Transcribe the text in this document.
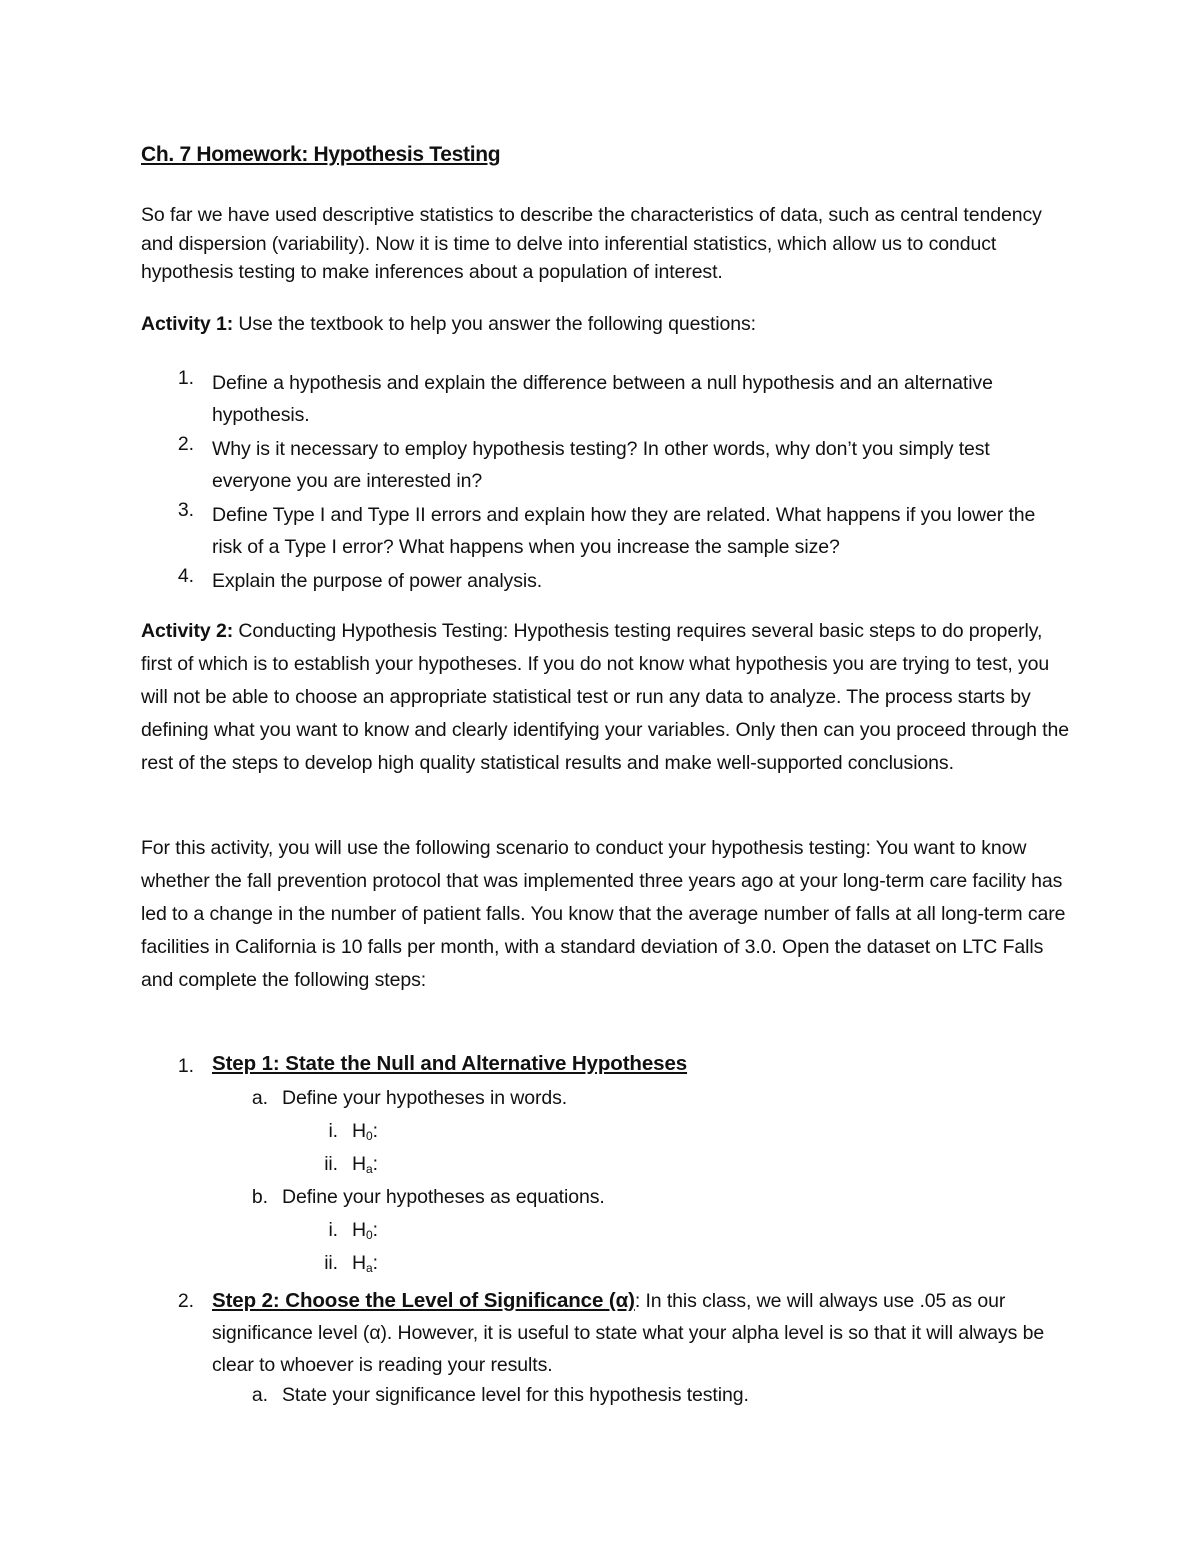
Ch. 7 Homework: Hypothesis Testing
So far we have used descriptive statistics to describe the characteristics of data, such as central tendency and dispersion (variability). Now it is time to delve into inferential statistics, which allow us to conduct hypothesis testing to make inferences about a population of interest.
Activity 1: Use the textbook to help you answer the following questions:
1. Define a hypothesis and explain the difference between a null hypothesis and an alternative hypothesis.
2. Why is it necessary to employ hypothesis testing? In other words, why don’t you simply test everyone you are interested in?
3. Define Type I and Type II errors and explain how they are related. What happens if you lower the risk of a Type I error? What happens when you increase the sample size?
4. Explain the purpose of power analysis.
Activity 2: Conducting Hypothesis Testing: Hypothesis testing requires several basic steps to do properly, first of which is to establish your hypotheses. If you do not know what hypothesis you are trying to test, you will not be able to choose an appropriate statistical test or run any data to analyze. The process starts by defining what you want to know and clearly identifying your variables. Only then can you proceed through the rest of the steps to develop high quality statistical results and make well-supported conclusions.
For this activity, you will use the following scenario to conduct your hypothesis testing: You want to know whether the fall prevention protocol that was implemented three years ago at your long-term care facility has led to a change in the number of patient falls. You know that the average number of falls at all long-term care facilities in California is 10 falls per month, with a standard deviation of 3.0. Open the dataset on LTC Falls and complete the following steps:
1. Step 1: State the Null and Alternative Hypotheses
a. Define your hypotheses in words.
i. $H_0$:
ii. $H_a$:
b. Define your hypotheses as equations.
i. $H_0$:
ii. $H_a$:
2. Step 2: Choose the Level of Significance (α): In this class, we will always use .05 as our significance level (α). However, it is useful to state what your alpha level is so that it will always be clear to whoever is reading your results.
a. State your significance level for this hypothesis testing.
